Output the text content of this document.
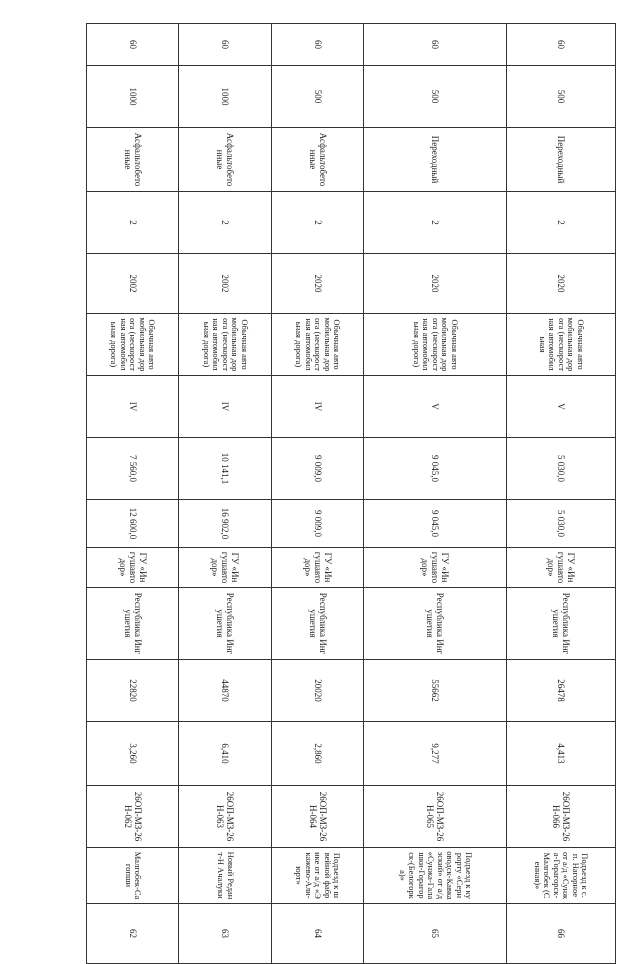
60	500	Переходный	2	2020	Обычная автомобильная дорога (нескоростная автомобильная	V	5 030,0	5 030,0	ГУ «Ингушавтодор»	Республика Ингушетия	26478	4,413	26ОП-МЗ-26Н-066	Подъезд к с.п. Нагорное от а/д «Сунжа-Горагорск-Малгобек (Сенная)»	66
60	500	Переходный	2	2020	Обычная автомобильная дорога (нескоростная автомобильная дорога)	V	9 045,0	9 045,0	ГУ «Ингушавтодор»	Республика Ингушетия	55662	9,277	26ОП-МЗ-26Н-065	Подъезд к курорту «Серноводск-Кавказский» от а/д «Сунжа-Галашки-Горагорск-(Белогорка)»	65
60	500	Асфальтобетонные	2	2020	Обычная автомобильная дорога (нескоростная автомобильная дорога)	IV	9 009,0	9 009,0	ГУ «Ингушавтодор»	Республика Ингушетия	20020	2,860	26ОП-МЗ-26Н-064	Подъезд к швейной фабрике от а/д «Экажево-Али-юрт»	64
60	1000	Асфальтобетонные	2	2002	Обычная автомобильная дорога (нескоростная автомобильная дорога)	IV	10 141,1	16 902,0	ГУ «Ингушавтодор»	Республика Ингушетия	44870	6,410	26ОП-МЗ-26Н-063	Новый Редант-Н Ачалуки	63
60	1000	Асфальтобетонные	2	2002	Обычная автомобильная дорога (нескоростная автомобильная дорога)	IV	7 560,0	12 600,0	ГУ «Ингушавтодор»	Республика Ингушетия	22820	3,260	26ОП-МЗ-26Н-062	Малгобек-Сагопши	62
